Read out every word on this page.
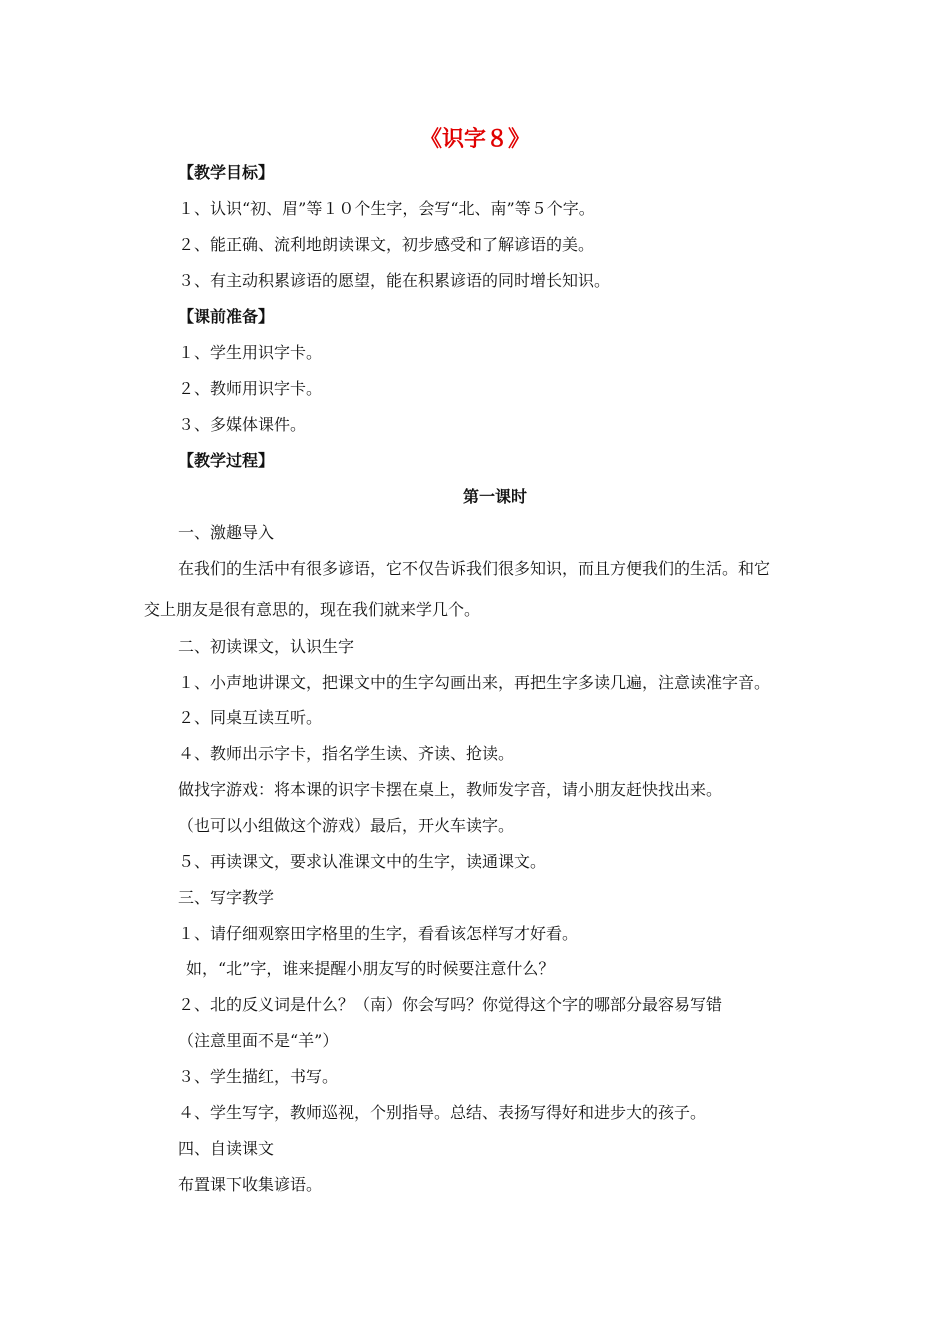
《识字８》
【教学目标】
１、认识“初、眉”等１０个生字，会写“北、南”等５个字。
２、能正确、流利地朗读课文，初步感受和了解谚语的美。
３、有主动积累谚语的愿望，能在积累谚语的同时增长知识。
【课前准备】
１、学生用识字卡。
２、教师用识字卡。
３、多媒体课件。
【教学过程】
第一课时
一、激趣导入
在我们的生活中有很多谚语，它不仅告诉我们很多知识，而且方便我们的生活。和它
交上朋友是很有意思的，现在我们就来学几个。
二、初读课文，认识生字
１、小声地讲课文，把课文中的生字勾画出来，再把生字多读几遍，注意读准字音。
２、同桌互读互听。
４、教师出示字卡，指名学生读、齐读、抢读。
做找字游戏：将本课的识字卡摆在桌上，教师发字音，请小朋友赶快找出来。
（也可以小组做这个游戏）最后，开火车读字。
５、再读课文，要求认准课文中的生字，读通课文。
三、写字教学
１、请仔细观察田字格里的生字，看看该怎样写才好看。
如，“北”字，谁来提醒小朋友写的时候要注意什么？
２、北的反义词是什么？（南）你会写吗？你觉得这个字的哪部分最容易写错
（注意里面不是“羊”）
３、学生描红，书写。
４、学生写字，教师巡视，个别指导。总结、表扬写得好和进步大的孩子。
四、自读课文
布置课下收集谚语。
